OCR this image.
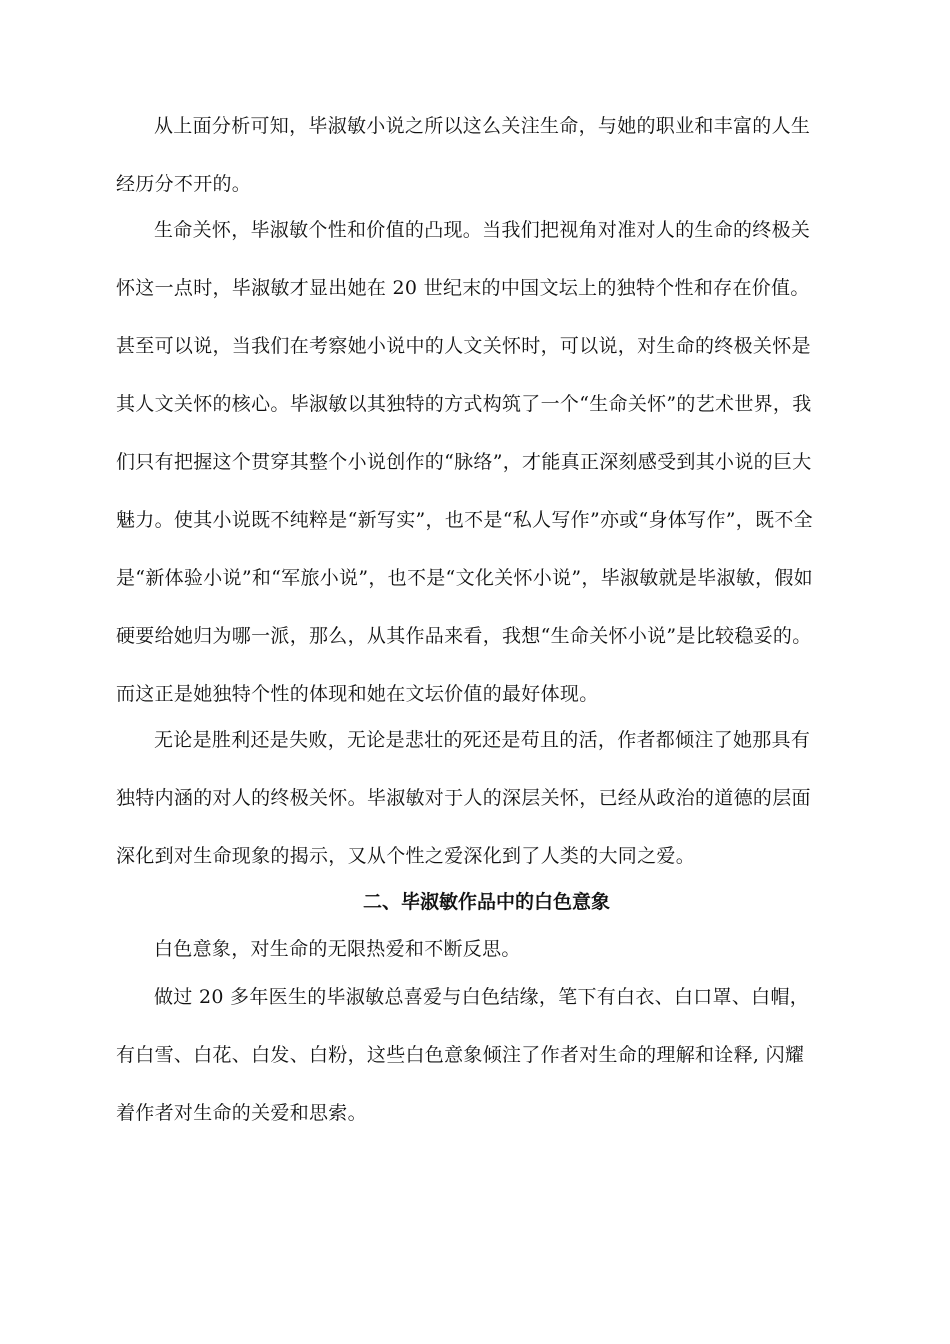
从上面分析可知，毕淑敏小说之所以这么关注生命，与她的职业和丰富的人生经历分不开的。

生命关怀，毕淑敏个性和价值的凸现。当我们把视角对准对人的生命的终极关怀这一点时，毕淑敏才显出她在 20 世纪末的中国文坛上的独特个性和存在价值。甚至可以说，当我们在考察她小说中的人文关怀时，可以说，对生命的终极关怀是其人文关怀的核心。毕淑敏以其独特的方式构筑了一个“生命关怀”的艺术世界，我们只有把握这个贯穿其整个小说创作的“脉络”，才能真正深刻感受到其小说的巨大魅力。使其小说既不纯粹是“新写实”，也不是“私人写作”亦或“身体写作”，既不全是“新体验小说”和“军旅小说”，也不是“文化关怀小说”，毕淑敏就是毕淑敏，假如硬要给她归为哪一派，那么，从其作品来看，我想“生命关怀小说”是比较稳妥的。而这正是她独特个性的体现和她在文坛价值的最好体现。

无论是胜利还是失败，无论是悲壮的死还是苟且的活，作者都倾注了她那具有独特内涵的对人的终极关怀。毕淑敏对于人的深层关怀，已经从政治的道德的层面深化到对生命现象的揭示，又从个性之爱深化到了人类的大同之爱。

二、毕淑敏作品中的白色意象

白色意象，对生命的无限热爱和不断反思。

做过 20 多年医生的毕淑敏总喜爱与白色结缘，笔下有白衣、白口罩、白帽，有白雪、白花、白发、白粉，这些白色意象倾注了作者对生命的理解和诠释, 闪耀着作者对生命的关爱和思索。
